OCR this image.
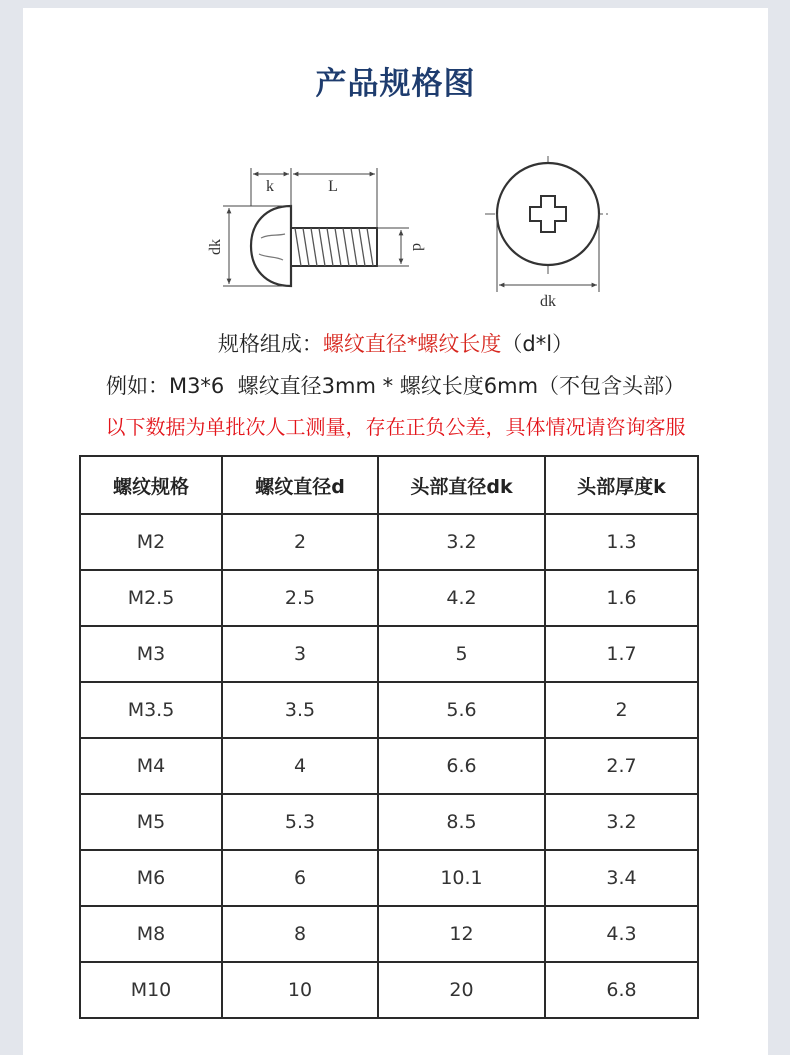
产品规格图
k	L
dk	d
dk
规格组成：螺纹直径*螺纹长度（d*l）
例如：M3*6  螺纹直径3mm * 螺纹长度6mm（不包含头部）
以下数据为单批次人工测量，存在正负公差，具体情况请咨询客服
螺纹规格	螺纹直径d	头部直径dk	头部厚度k
M2	2	3.2	1.3
M2.5	2.5	4.2	1.6
M3	3	5	1.7
M3.5	3.5	5.6	2
M4	4	6.6	2.7
M5	5.3	8.5	3.2
M6	6	10.1	3.4
M8	8	12	4.3
M10	10	20	6.8
